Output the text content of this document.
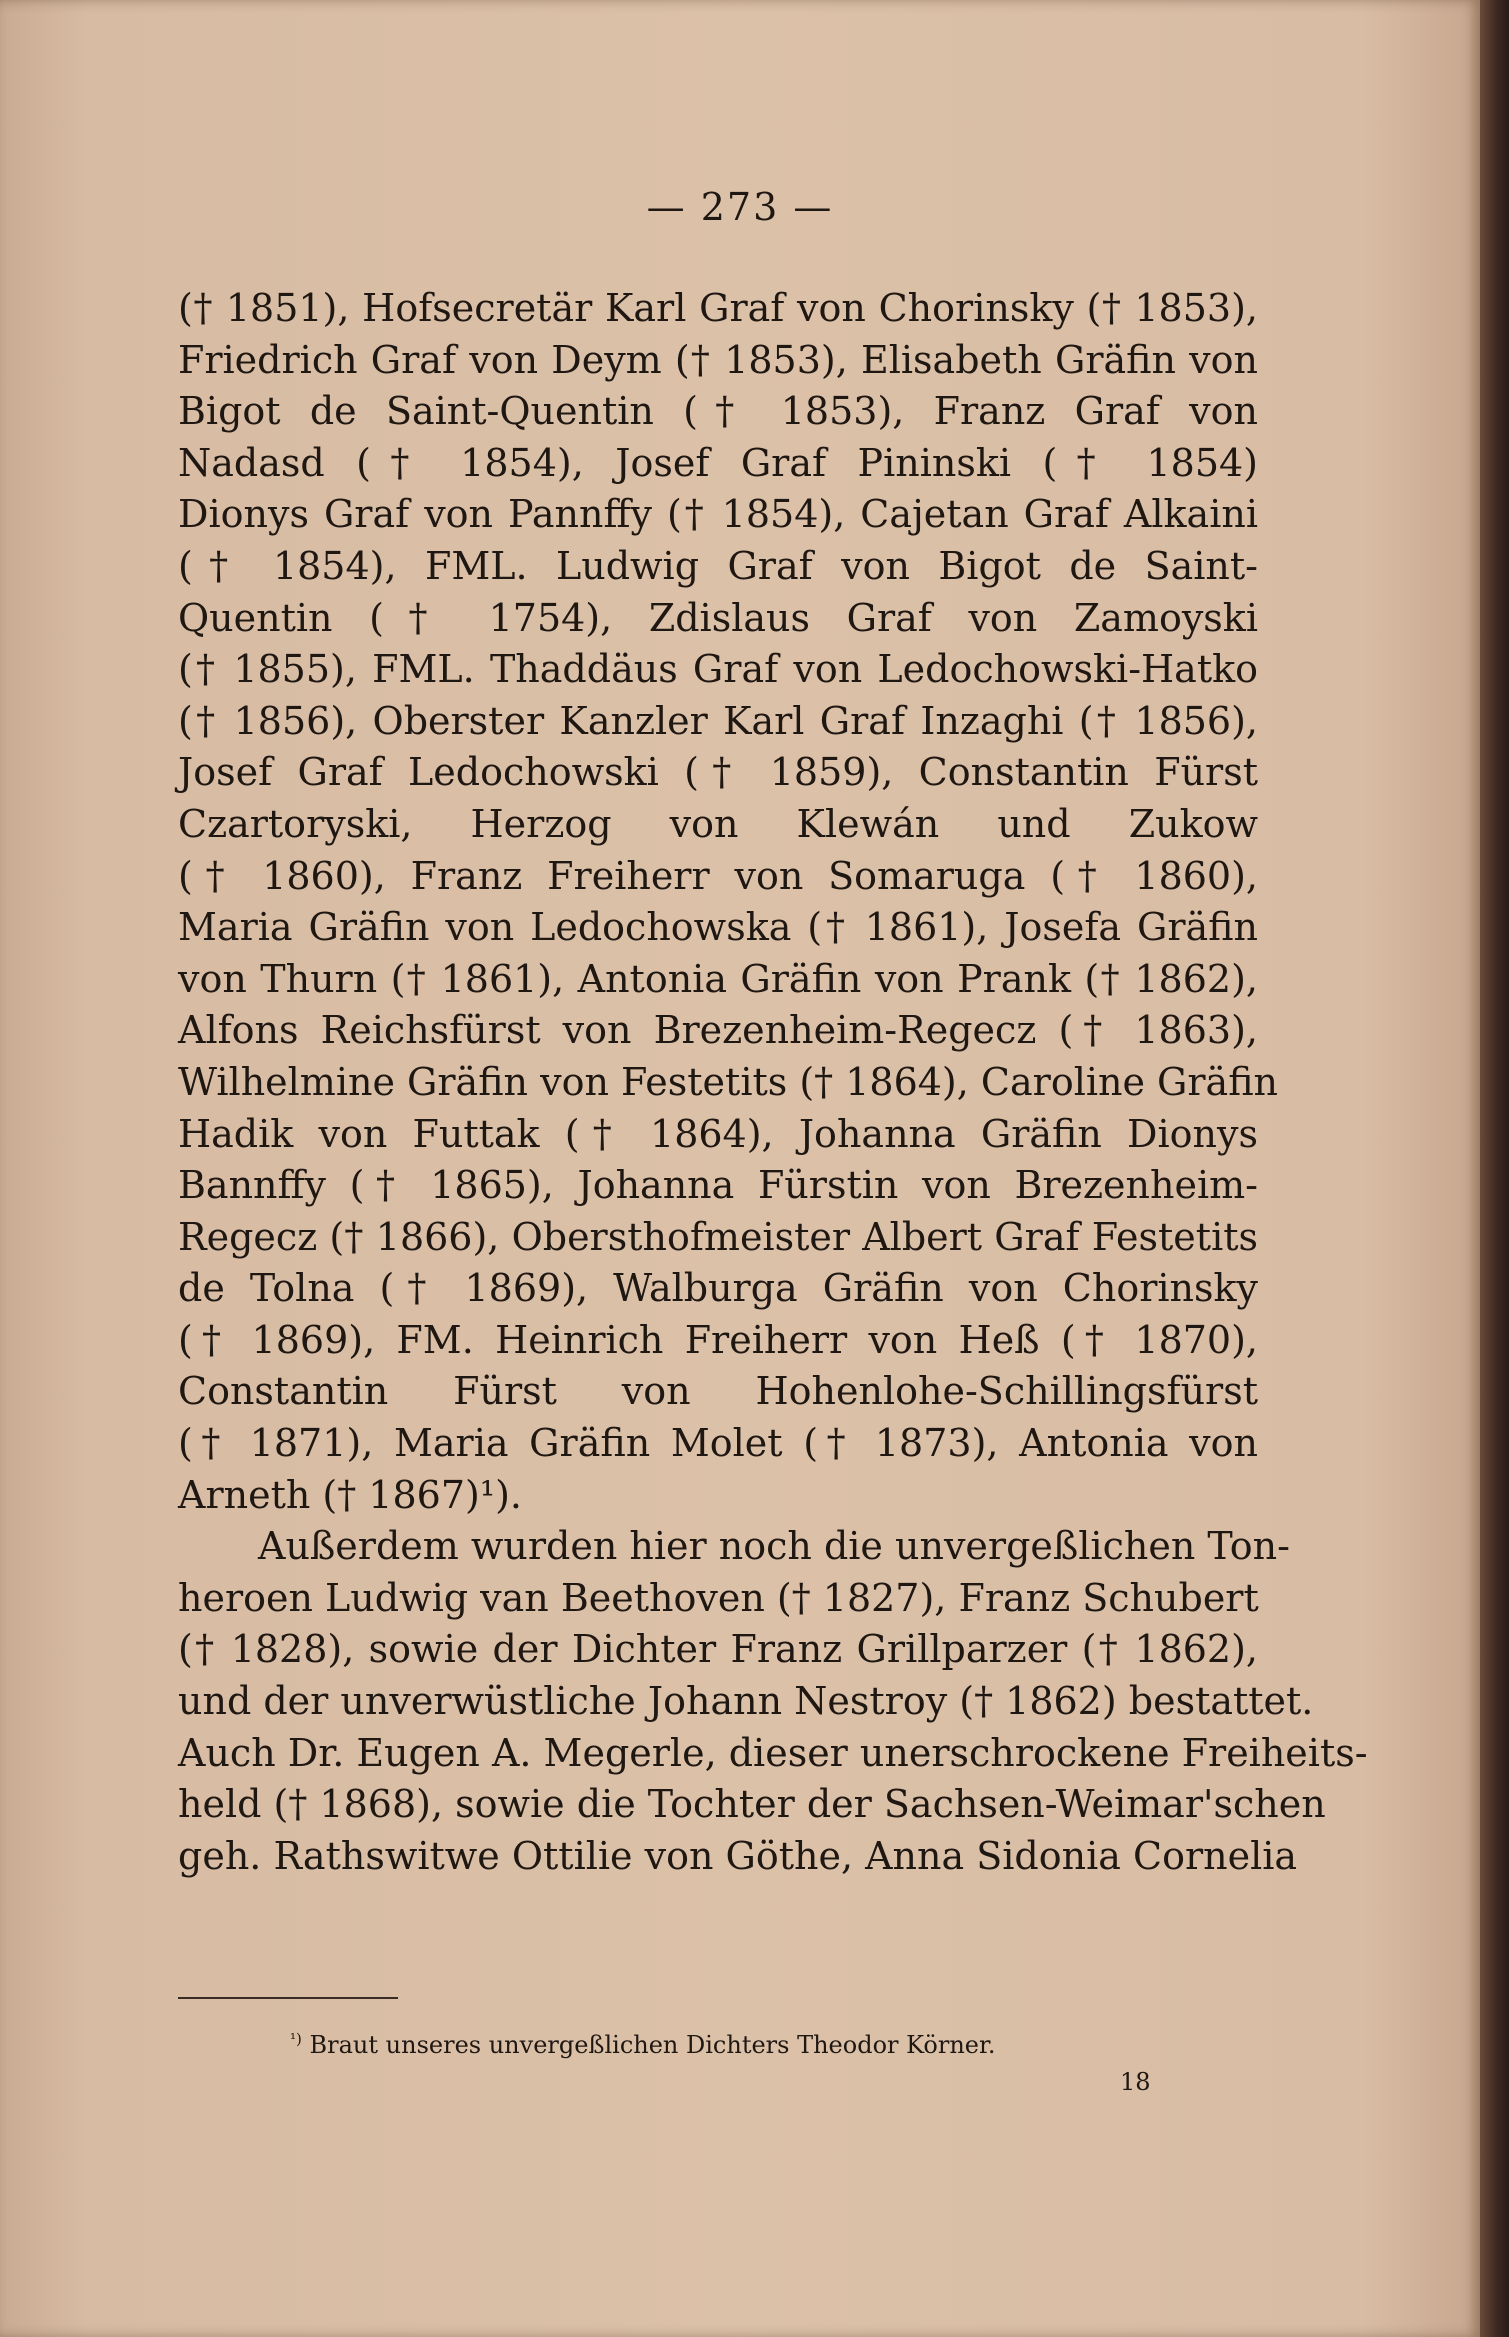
— 273 —
(† 1851), Hofsecretär Karl Graf von Chorinsky († 1853),
Friedrich Graf von Deym († 1853), Elisabeth Gräfin von
Bigot de Saint-Quentin († 1853), Franz Graf von
Nadasd († 1854), Josef Graf Pininski († 1854)
Dionys Graf von Pannffy († 1854), Cajetan Graf Alkaini
(† 1854), FML. Ludwig Graf von Bigot de Saint-
Quentin († 1754), Zdislaus Graf von Zamoyski
(† 1855), FML. Thaddäus Graf von Ledochowski-Hatko
(† 1856), Oberster Kanzler Karl Graf Inzaghi († 1856),
Josef Graf Ledochowski († 1859), Constantin Fürst
Czartoryski, Herzog von Klewán und Zukow
(† 1860), Franz Freiherr von Somaruga († 1860),
Maria Gräfin von Ledochowska († 1861), Josefa Gräfin
von Thurn († 1861), Antonia Gräfin von Prank († 1862),
Alfons Reichsfürst von Brezenheim-Regecz († 1863),
Wilhelmine Gräfin von Festetits († 1864), Caroline Gräfin
Hadik von Futtak († 1864), Johanna Gräfin Dionys
Bannffy († 1865), Johanna Fürstin von Brezenheim-
Regecz († 1866), Obersthofmeister Albert Graf Festetits
de Tolna († 1869), Walburga Gräfin von Chorinsky
(† 1869), FM. Heinrich Freiherr von Heß († 1870),
Constantin Fürst von Hohenlohe-Schillingsfürst
(† 1871), Maria Gräfin Molet († 1873), Antonia von
Arneth († 1867)¹).
Außerdem wurden hier noch die unvergeßlichen Ton-
heroen Ludwig van Beethoven († 1827), Franz Schubert
(† 1828), sowie der Dichter Franz Grillparzer († 1862),
und der unverwüstliche Johann Nestroy († 1862) bestattet.
Auch Dr. Eugen A. Megerle, dieser unerschrockene Freiheits-
held († 1868), sowie die Tochter der Sachsen-Weimar'schen
geh. Rathswitwe Ottilie von Göthe, Anna Sidonia Cornelia
$^{^1)}$ Braut unseres unvergeßlichen Dichters Theodor Körner.
18
